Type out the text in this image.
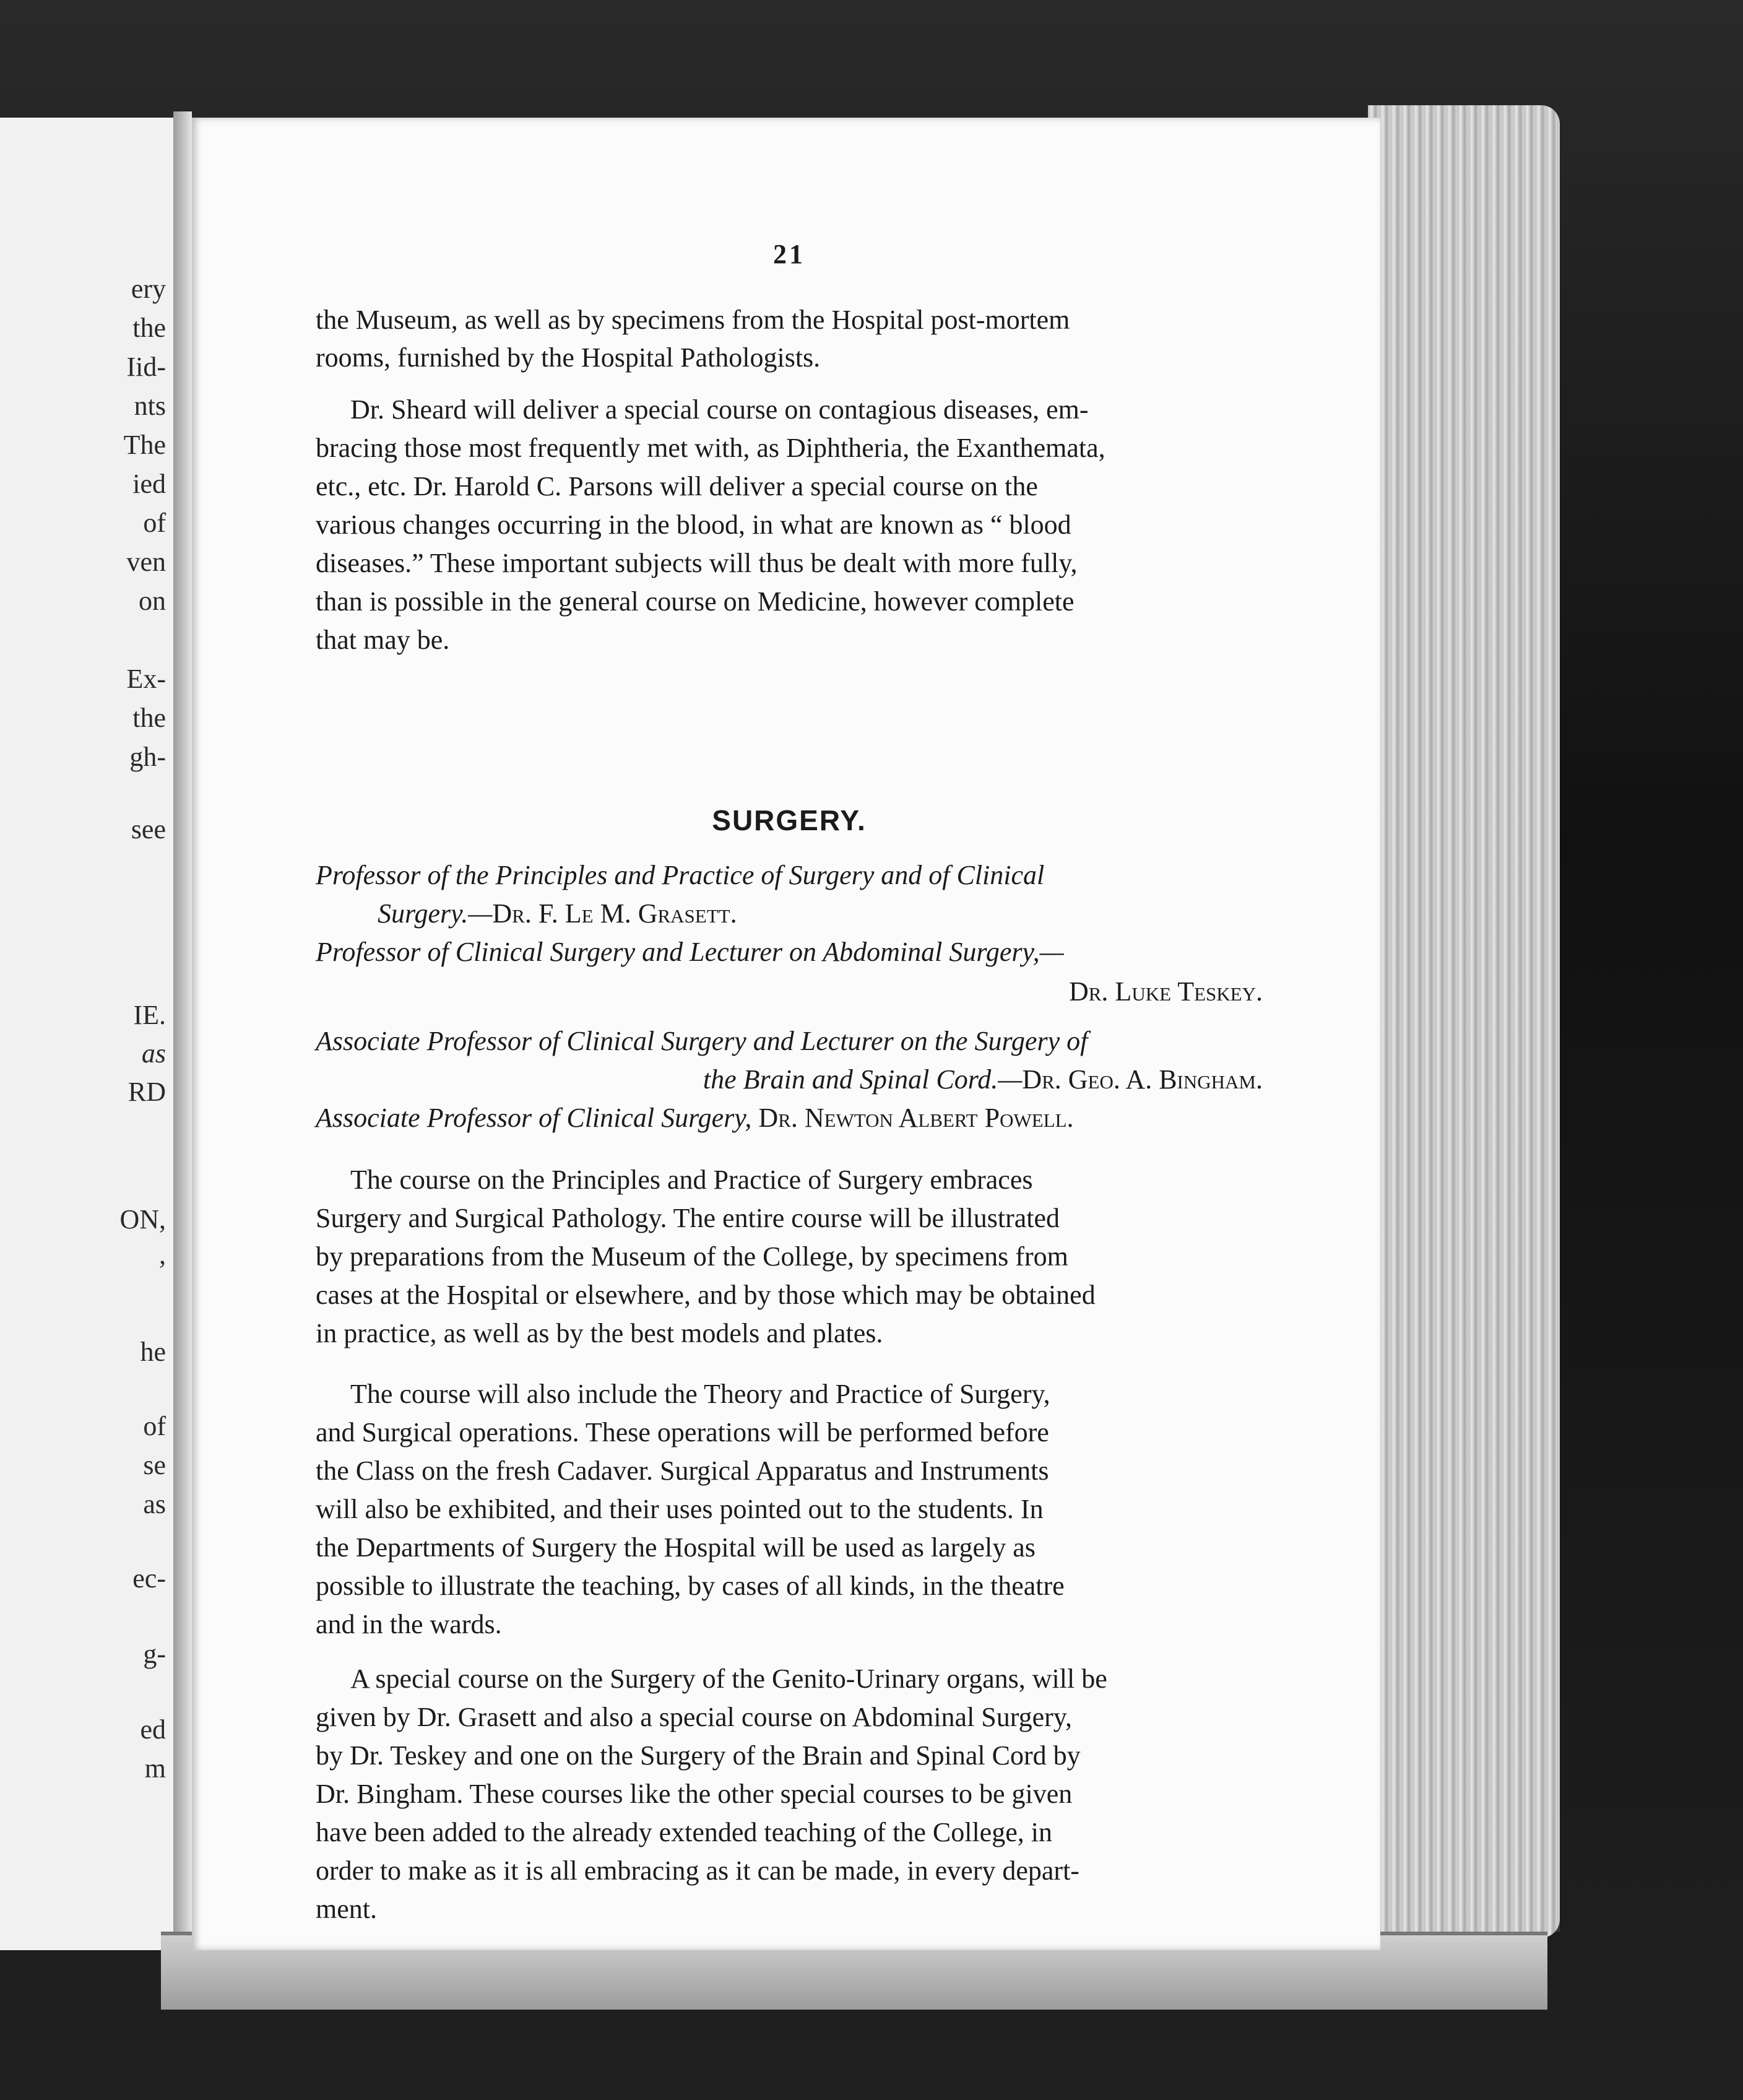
ery
the
Iid-
nts
The
ied
of
ven
on
Ex-
the
gh-
see
IE.
as
RD
ON,
,
he
of
se
as
ec-
g-
ed
m
21
the Museum, as well as by specimens from the Hospital post-mortem
rooms, furnished by the Hospital Pathologists.
Dr. Sheard will deliver a special course on contagious diseases, em-
bracing those most frequently met with, as Diphtheria, the Exanthemata,
etc., etc. Dr. Harold C. Parsons will deliver a special course on the
various changes occurring in the blood, in what are known as “ blood
diseases.” These important subjects will thus be dealt with more fully,
than is possible in the general course on Medicine, however complete
that may be.
SURGERY.
Professor of the Principles and Practice of Surgery and of Clinical
Surgery.—Dr. F. Le M. Grasett.
Professor of Clinical Surgery and Lecturer on Abdominal Surgery,—
Dr. Luke Teskey.
Associate Professor of Clinical Surgery and Lecturer on the Surgery of
the Brain and Spinal Cord.—Dr. Geo. A. Bingham.
Associate Professor of Clinical Surgery, Dr. Newton Albert Powell.
The course on the Principles and Practice of Surgery embraces
Surgery and Surgical Pathology. The entire course will be illustrated
by preparations from the Museum of the College, by specimens from
cases at the Hospital or elsewhere, and by those which may be obtained
in practice, as well as by the best models and plates.
The course will also include the Theory and Practice of Surgery,
and Surgical operations. These operations will be performed before
the Class on the fresh Cadaver. Surgical Apparatus and Instruments
will also be exhibited, and their uses pointed out to the students. In
the Departments of Surgery the Hospital will be used as largely as
possible to illustrate the teaching, by cases of all kinds, in the theatre
and in the wards.
A special course on the Surgery of the Genito-Urinary organs, will be
given by Dr. Grasett and also a special course on Abdominal Surgery,
by Dr. Teskey and one on the Surgery of the Brain and Spinal Cord by
Dr. Bingham. These courses like the other special courses to be given
have been added to the already extended teaching of the College, in
order to make as it is all embracing as it can be made, in every depart-
ment.
